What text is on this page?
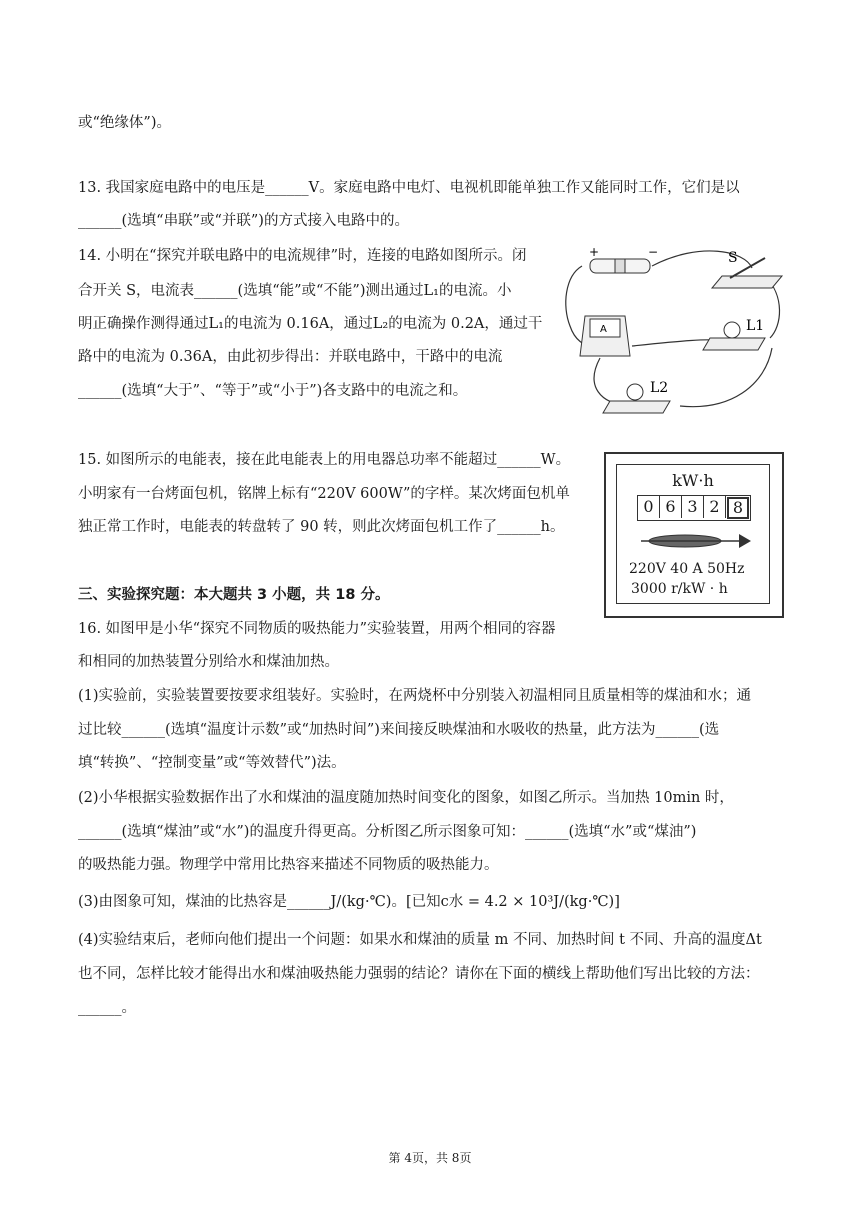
或“绝缘体”)。
13. 我国家庭电路中的电压是______V。家庭电路中电灯、电视机即能单独工作又能同时工作，它们是以
______(选填“串联”或“并联”)的方式接入电路中的。
14. 小明在“探究并联电路中的电流规律”时，连接的电路如图所示。闭
合开关 S，电流表______(选填“能”或“不能”)测出通过L₁的电流。小
明正确操作测得通过L₁的电流为 0.16A，通过L₂的电流为 0.2A，通过干
路中的电流为 0.36A，由此初步得出：并联电路中，干路中的电流
______(选填“大于”、“等于”或“小于”)各支路中的电流之和。
15. 如图所示的电能表，接在此电能表上的用电器总功率不能超过______W。
小明家有一台烤面包机，铭牌上标有“220V 600W”的字样。某次烤面包机单
独正常工作时，电能表的转盘转了 90 转，则此次烤面包机工作了______h。
三、实验探究题：本大题共 3 小题，共 18 分。
16. 如图甲是小华“探究不同物质的吸热能力”实验装置，用两个相同的容器
和相同的加热装置分别给水和煤油加热。
(1)实验前，实验装置要按要求组装好。实验时，在两烧杯中分别装入初温相同且质量相等的煤油和水；通
过比较______(选填“温度计示数”或“加热时间”)来间接反映煤油和水吸收的热量，此方法为______(选
填“转换”、“控制变量”或“等效替代”)法。
(2)小华根据实验数据作出了水和煤油的温度随加热时间变化的图象，如图乙所示。当加热 10min 时，
______(选填“煤油”或“水”)的温度升得更高。分析图乙所示图象可知：______(选填“水”或“煤油”)
的吸热能力强。物理学中常用比热容来描述不同物质的吸热能力。
(3)由图象可知，煤油的比热容是______J/(kg·℃)。[已知c水 = 4.2 × 10³J/(kg·℃)]
(4)实验结束后，老师向他们提出一个问题：如果水和煤油的质量 m 不同、加热时间 t 不同、升高的温度Δt
也不同，怎样比较才能得出水和煤油吸热能力强弱的结论？请你在下面的横线上帮助他们写出比较的方法：
______。
+	−	S
A	L1
L2
kW·h
0 6 3 2 8
220V 40 A 50Hz
3000 r/kW · h
第 4页，共 8页
